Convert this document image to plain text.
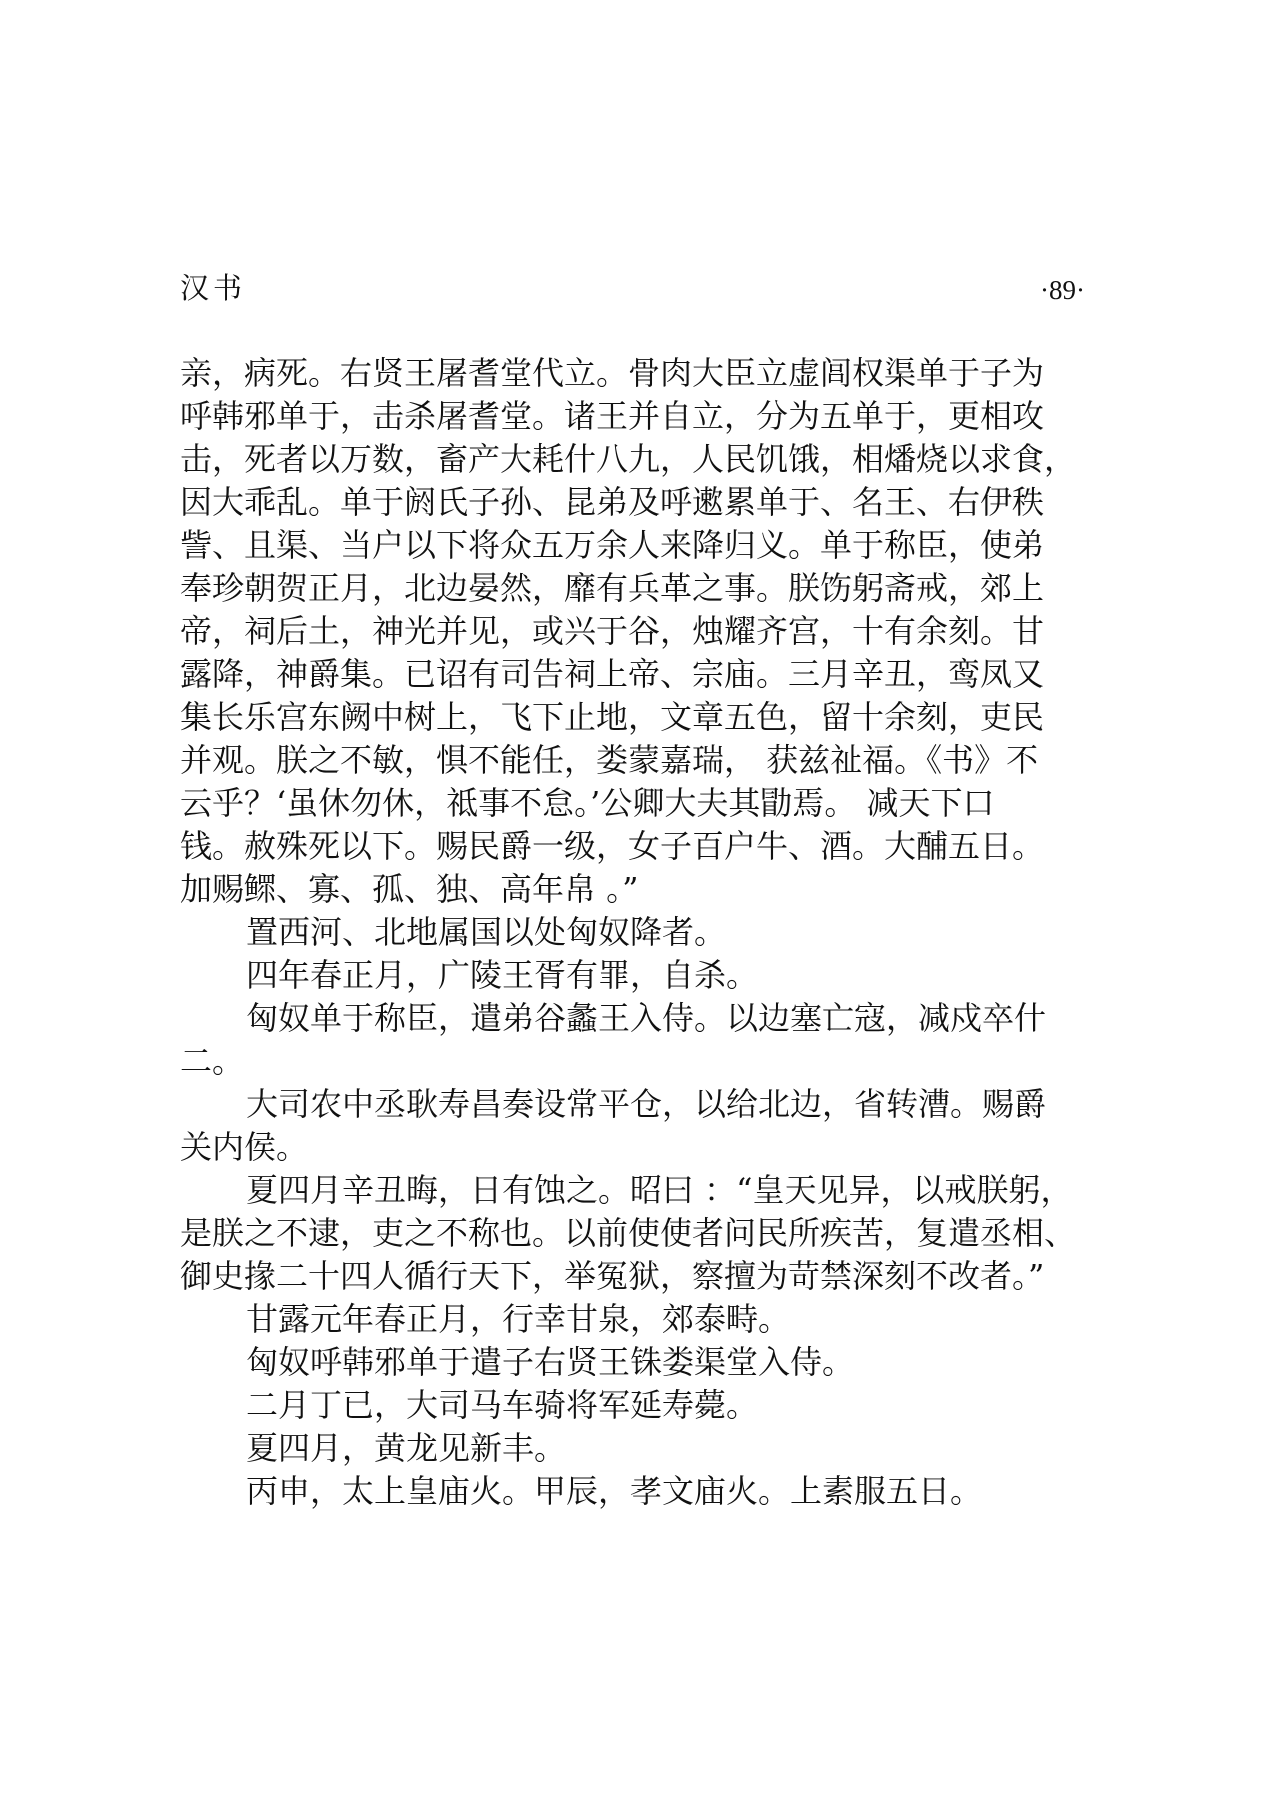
汉书	·89·

亲，病死。右贤王屠耆堂代立。骨肉大臣立虚闾权渠单于子为
呼韩邪单于，击杀屠耆堂。诸王并自立，分为五单于，更相攻
击，死者以万数，畜产大耗什八九，人民饥饿，相燔烧以求食，
因大乖乱。单于阏氏子孙、昆弟及呼遬累单于、名王、右伊秩
訾、且渠、当户以下将众五万余人来降归义。单于称臣，使弟
奉珍朝贺正月，北边晏然，靡有兵革之事。朕饬躬斋戒，郊上
帝，祠后土，神光并见，或兴于谷，烛耀齐宫，十有余刻。甘
露降，神爵集。已诏有司告祠上帝、宗庙。三月辛丑，鸾凤又
集长乐宫东阙中树上，飞下止地，文章五色，留十余刻，吏民
并观。朕之不敏，惧不能任，娄蒙嘉瑞， 获兹祉福。《书》不
云乎？‘虽休勿休，祗事不怠。’公卿大夫其勖焉。 减天下口
钱。赦殊死以下。赐民爵一级，女子百户牛、酒。大酺五日。
加赐鳏、寡、孤、独、高年帛 。”

置西河、北地属国以处匈奴降者。

四年春正月，广陵王胥有罪，自杀。

匈奴单于称臣，遣弟谷蠡王入侍。以边塞亡寇，减戍卒什
二。

大司农中丞耿寿昌奏设常平仓，以给北边，省转漕。赐爵
关内侯。

夏四月辛丑晦，日有蚀之。昭曰 ：“皇天见异，以戒朕躬，
是朕之不逮，吏之不称也。以前使使者问民所疾苦，复遣丞相、
御史掾二十四人循行天下，举冤狱，察擅为苛禁深刻不改者。”

甘露元年春正月，行幸甘泉，郊泰畤。

匈奴呼韩邪单于遣子右贤王铢娄渠堂入侍。

二月丁已，大司马车骑将军延寿薨。

夏四月，黄龙见新丰。

丙申，太上皇庙火。甲辰，孝文庙火。上素服五日。
